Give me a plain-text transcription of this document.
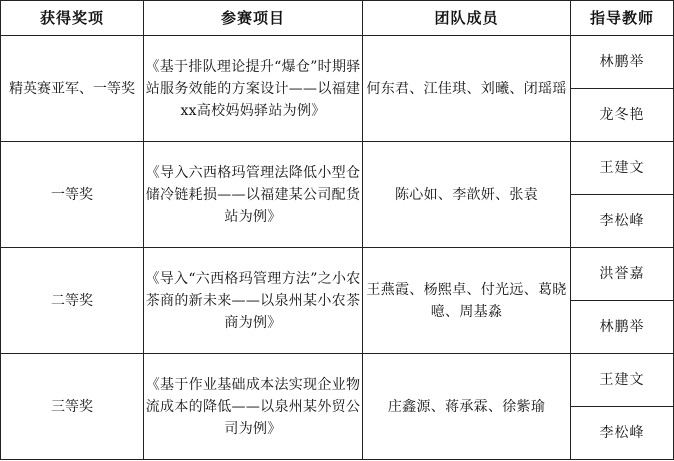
获得奖项	参赛项目	团队成员	指导教师
精英赛亚军、一等奖	《基于排队理论提升“爆仓”时期驿站服务效能的方案设计——以福建xx高校妈妈驿站为例》	何东君、江佳琪、刘曦、闭瑶瑶	林鹏举
			龙冬艳
一等奖	《导入六西格玛管理法降低小型仓储冷链耗损——以福建某公司配货站为例》	陈心如、李歆妍、张袁	王建文
			李松峰
二等奖	《导入“六西格玛管理方法”之小农茶商的新未来——以泉州某小农茶商为例》	王燕霞、杨熙卓、付光远、葛晓噫、周基淼	洪誉嘉
			林鹏举
三等奖	《基于作业基础成本法实现企业物流成本的降低——以泉州某外贸公司为例》	庄鑫源、蒋承霖、徐紫瑜	王建文
			李松峰
